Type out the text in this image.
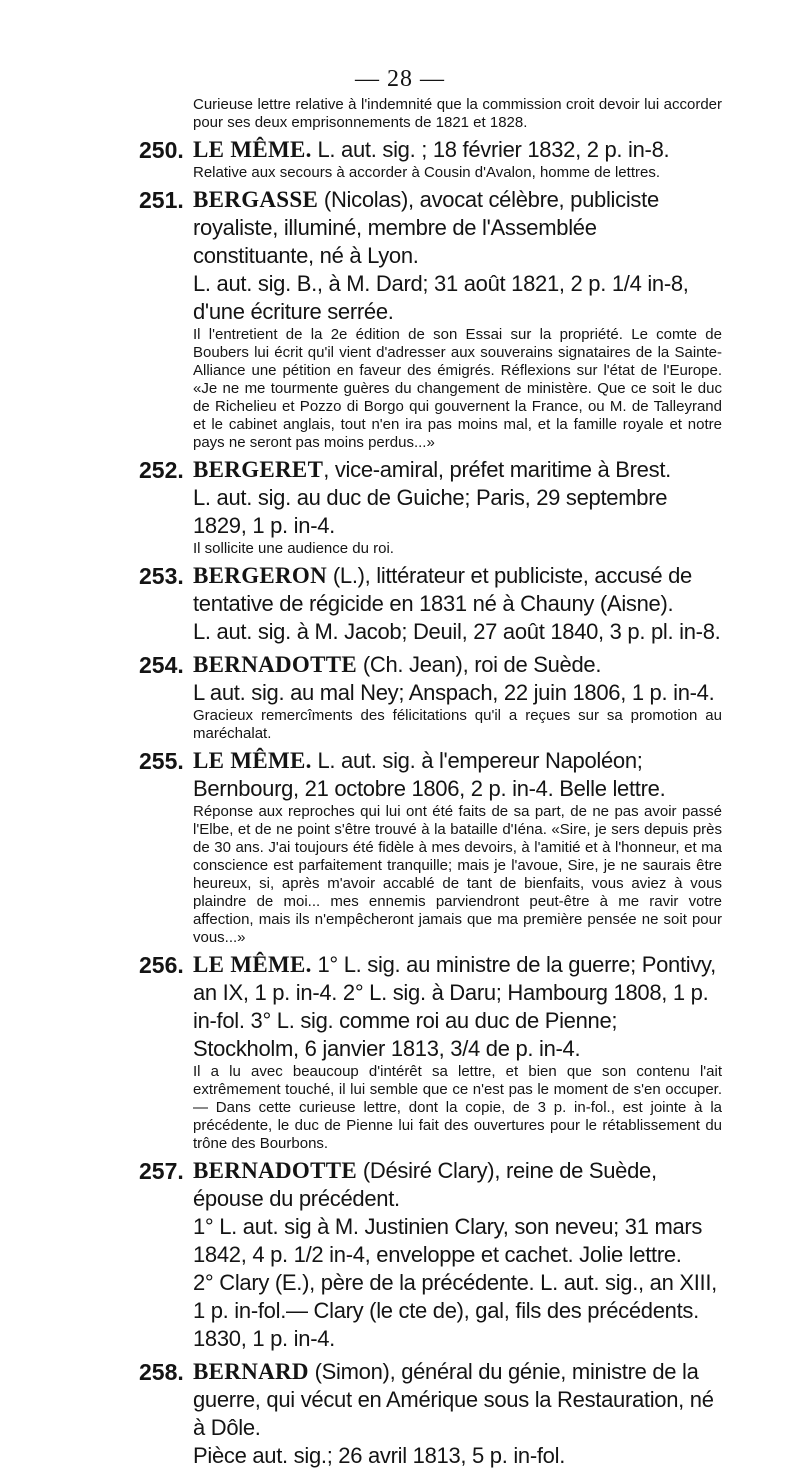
— 28 —

Curieuse lettre relative à l'indemnité que la commission croit devoir lui accorder pour ses deux emprisonnements de 1821 et 1828.

250. LE MÊME. L. aut. sig. ; 18 février 1832, 2 p. in-8.

Relative aux secours à accorder à Cousin d'Avalon, homme de lettres.

251. BERGASSE (Nicolas), avocat célèbre, publiciste royaliste, illuminé, membre de l'Assemblée constituante, né à Lyon.
L. aut. sig. B., à M. Dard; 31 août 1821, 2 p. 1/4 in-8, d'une écriture serrée.

Il l'entretient de la 2e édition de son Essai sur la propriété. Le comte de Boubers lui écrit qu'il vient d'adresser aux souverains signataires de la Sainte-Alliance une pétition en faveur des émigrés. Réflexions sur l'état de l'Europe. «Je ne me tourmente guères du changement de ministère. Que ce soit le duc de Richelieu et Pozzo di Borgo qui gouvernent la France, ou M. de Talleyrand et le cabinet anglais, tout n'en ira pas moins mal, et la famille royale et notre pays ne seront pas moins perdus...»

252. BERGERET, vice-amiral, préfet maritime à Brest.
L. aut. sig. au duc de Guiche; Paris, 29 septembre 1829, 1 p. in-4.

Il sollicite une audience du roi.

253. BERGERON (L.), littérateur et publiciste, accusé de tentative de régicide en 1831 né à Chauny (Aisne).
L. aut. sig. à M. Jacob; Deuil, 27 août 1840, 3 p. pl. in-8.
254. BERNADOTTE (Ch. Jean), roi de Suède.
L aut. sig. au mal Ney; Anspach, 22 juin 1806, 1 p. in-4.

Gracieux remercîments des félicitations qu'il a reçues sur sa promotion au maréchalat.

255. LE MÊME. L. aut. sig. à l'empereur Napoléon; Bernbourg, 21 octobre 1806, 2 p. in-4. Belle lettre.

Réponse aux reproches qui lui ont été faits de sa part, de ne pas avoir passé l'Elbe, et de ne point s'être trouvé à la bataille d'Iéna. «Sire, je sers depuis près de 30 ans. J'ai toujours été fidèle à mes devoirs, à l'amitié et à l'honneur, et ma conscience est parfaitement tranquille; mais je l'avoue, Sire, je ne saurais être heureux, si, après m'avoir accablé de tant de bienfaits, vous aviez à vous plaindre de moi... mes ennemis parviendront peut-être à me ravir votre affection, mais ils n'empêcheront jamais que ma première pensée ne soit pour vous...»

256. LE MÊME. 1° L. sig. au ministre de la guerre; Pontivy, an IX, 1 p. in-4. 2° L. sig. à Daru; Hambourg 1808, 1 p. in-fol. 3° L. sig. comme roi au duc de Pienne; Stockholm, 6 janvier 1813, 3/4 de p. in-4.

Il a lu avec beaucoup d'intérêt sa lettre, et bien que son contenu l'ait extrêmement touché, il lui semble que ce n'est pas le moment de s'en occuper. — Dans cette curieuse lettre, dont la copie, de 3 p. in-fol., est jointe à la précédente, le duc de Pienne lui fait des ouvertures pour le rétablissement du trône des Bourbons.

257. BERNADOTTE (Désiré Clary), reine de Suède, épouse du précédent.
1° L. aut. sig à M. Justinien Clary, son neveu; 31 mars 1842, 4 p. 1/2 in-4, enveloppe et cachet. Jolie lettre.
2° Clary (E.), père de la précédente. L. aut. sig., an XIII, 1 p. in-fol.— Clary (le cte de), gal, fils des précédents. 1830, 1 p. in-4.
258. BERNARD (Simon), général du génie, ministre de la guerre, qui vécut en Amérique sous la Restauration, né à Dôle.
Pièce aut. sig.; 26 avril 1813, 5 p. in-fol.
